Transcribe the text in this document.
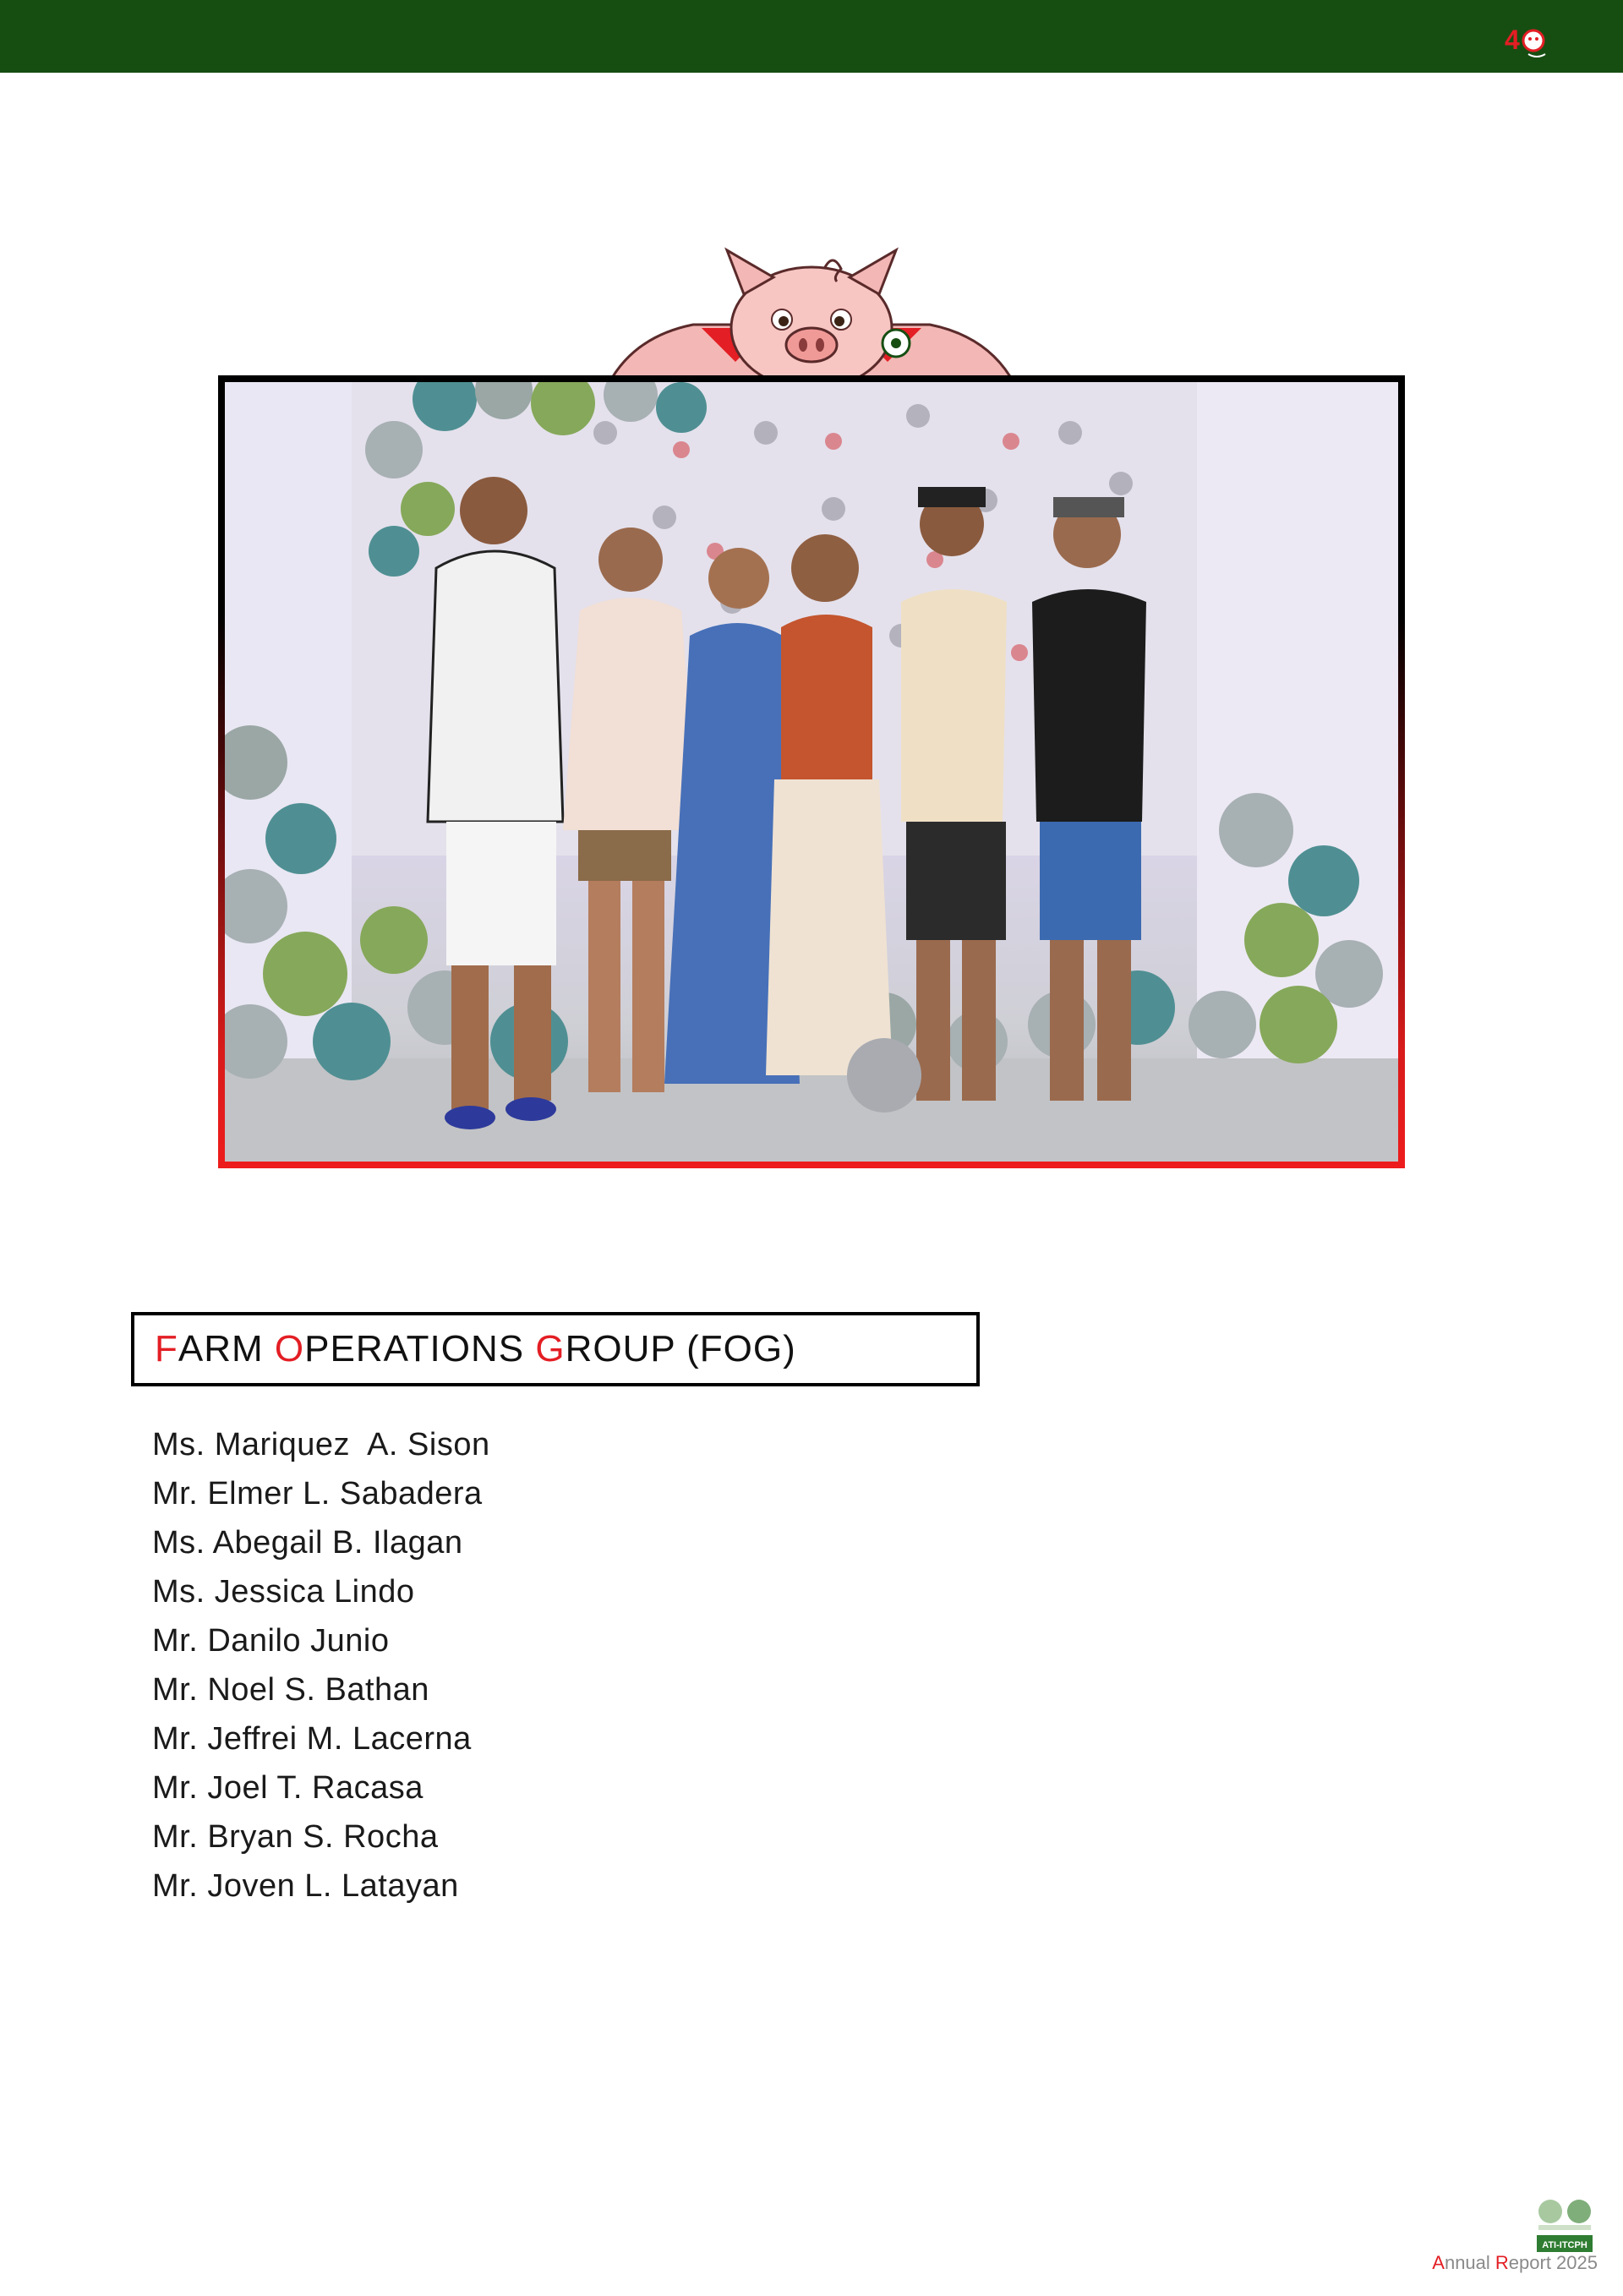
4
F ARM O PERATIONS G ROUP (FOG)
Ms. Mariquez  A. Sison
Mr. Elmer L. Sabadera
Ms. Abegail B. Ilagan
Ms. Jessica Lindo
Mr. Danilo Junio
Mr. Noel S. Bathan
Mr. Jeffrei M. Lacerna
Mr. Joel T. Racasa
Mr. Bryan S. Rocha
Mr. Joven L. Latayan
ATI-ITCPH
Annual Report 2025
